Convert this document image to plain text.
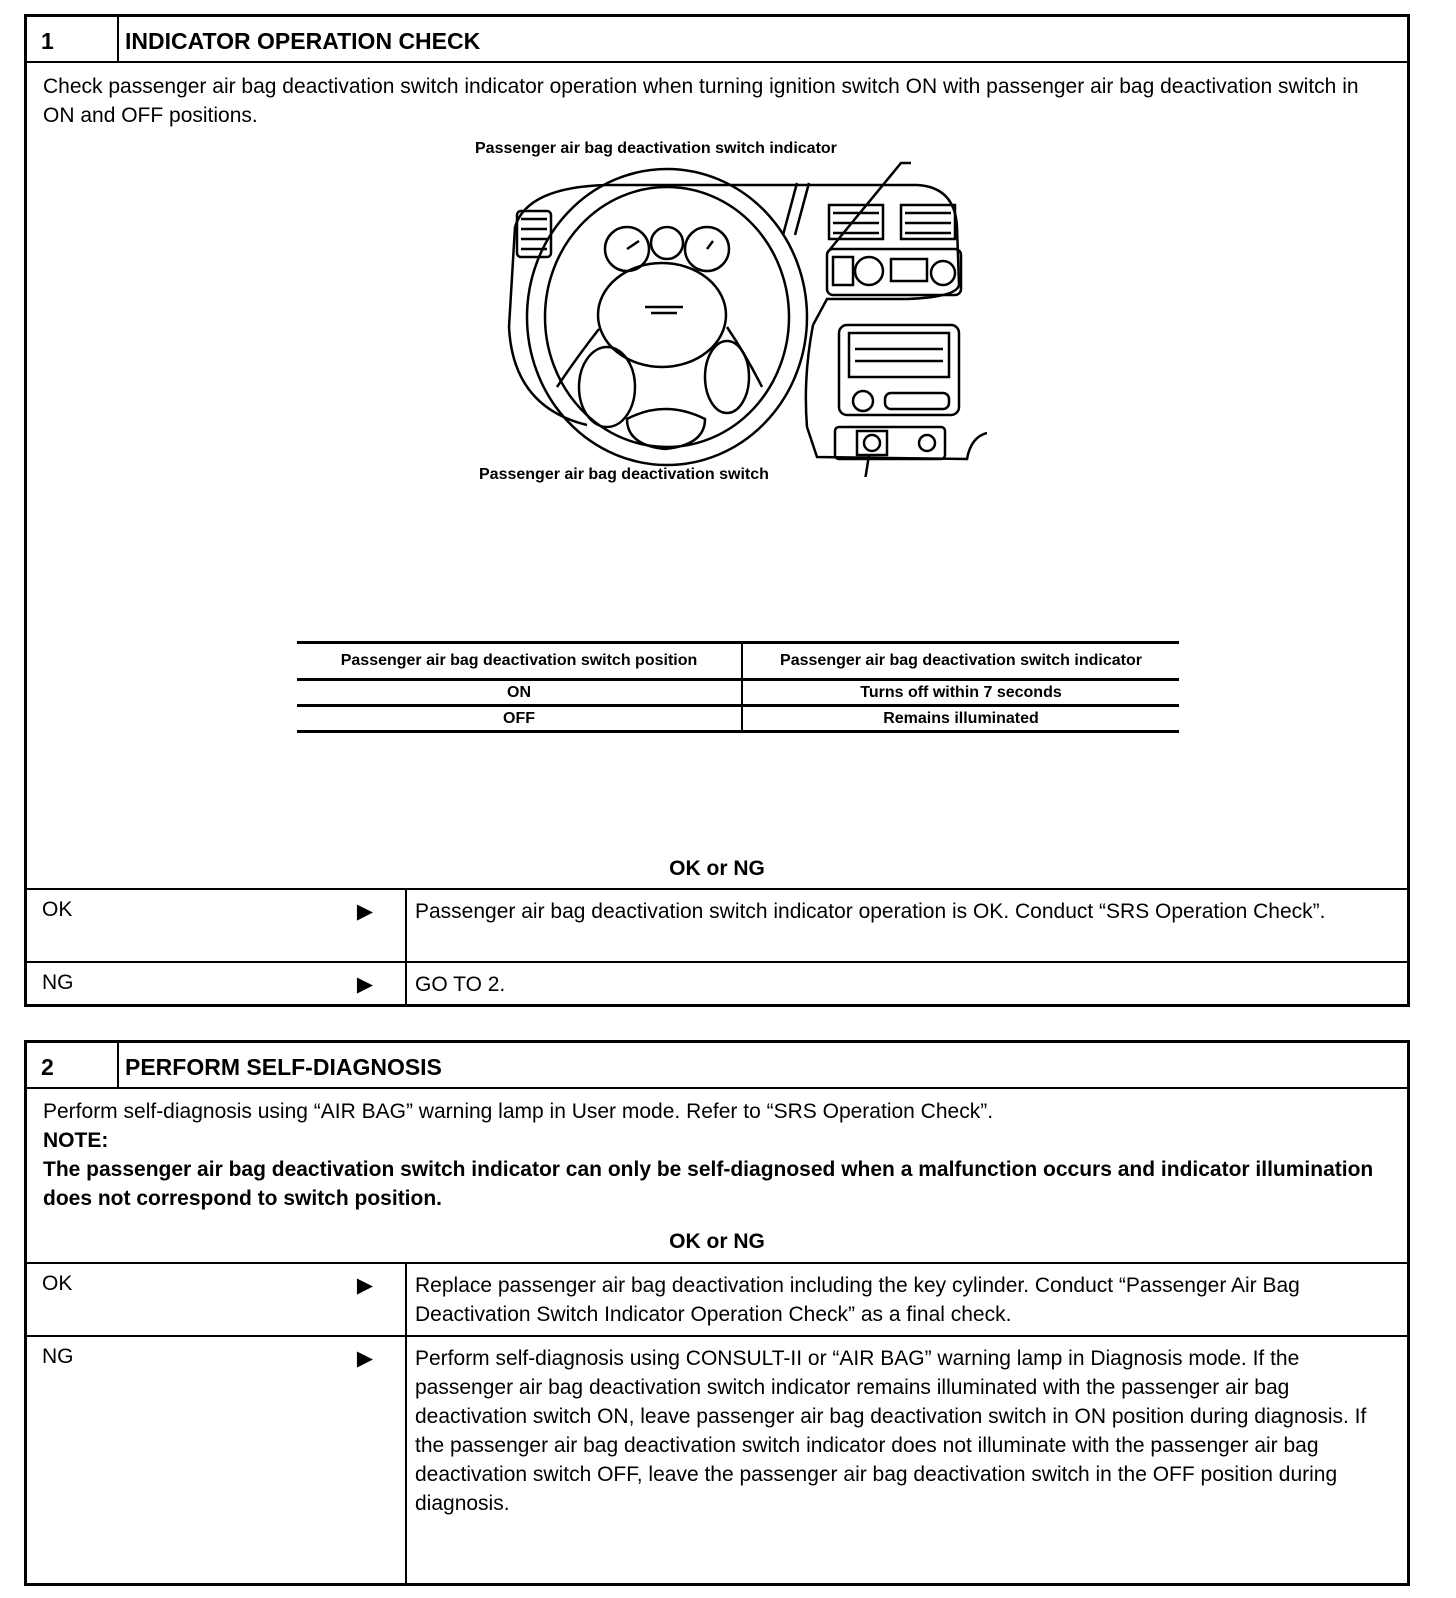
1	INDICATOR OPERATION CHECK
Check passenger air bag deactivation switch indicator operation when turning ignition switch ON with passenger air bag deactivation switch in ON and OFF positions.
Passenger air bag deactivation switch indicator
Passenger air bag deactivation switch
Passenger air bag deactivation switch position	Passenger air bag deactivation switch indicator
ON	Turns off within 7 seconds
OFF	Remains illuminated
OK or NG
OK	▶	Passenger air bag deactivation switch indicator operation is OK. Conduct “SRS Operation Check”.
NG	▶	GO TO 2.
2	PERFORM SELF-DIAGNOSIS
Perform self-diagnosis using “AIR BAG” warning lamp in User mode. Refer to “SRS Operation Check”.
NOTE:
The passenger air bag deactivation switch indicator can only be self-diagnosed when a malfunction occurs and indicator illumination does not correspond to switch position.
OK or NG
OK	▶	Replace passenger air bag deactivation including the key cylinder. Conduct “Passenger Air Bag Deactivation Switch Indicator Operation Check” as a final check.
NG	▶	Perform self-diagnosis using CONSULT-II or “AIR BAG” warning lamp in Diagnosis mode. If the passenger air bag deactivation switch indicator remains illuminated with the passenger air bag deactivation switch ON, leave passenger air bag deactivation switch in ON position during diagnosis. If the passenger air bag deactivation switch indicator does not illuminate with the passenger air bag deactivation switch OFF, leave the passenger air bag deactivation switch in the OFF position during diagnosis.
